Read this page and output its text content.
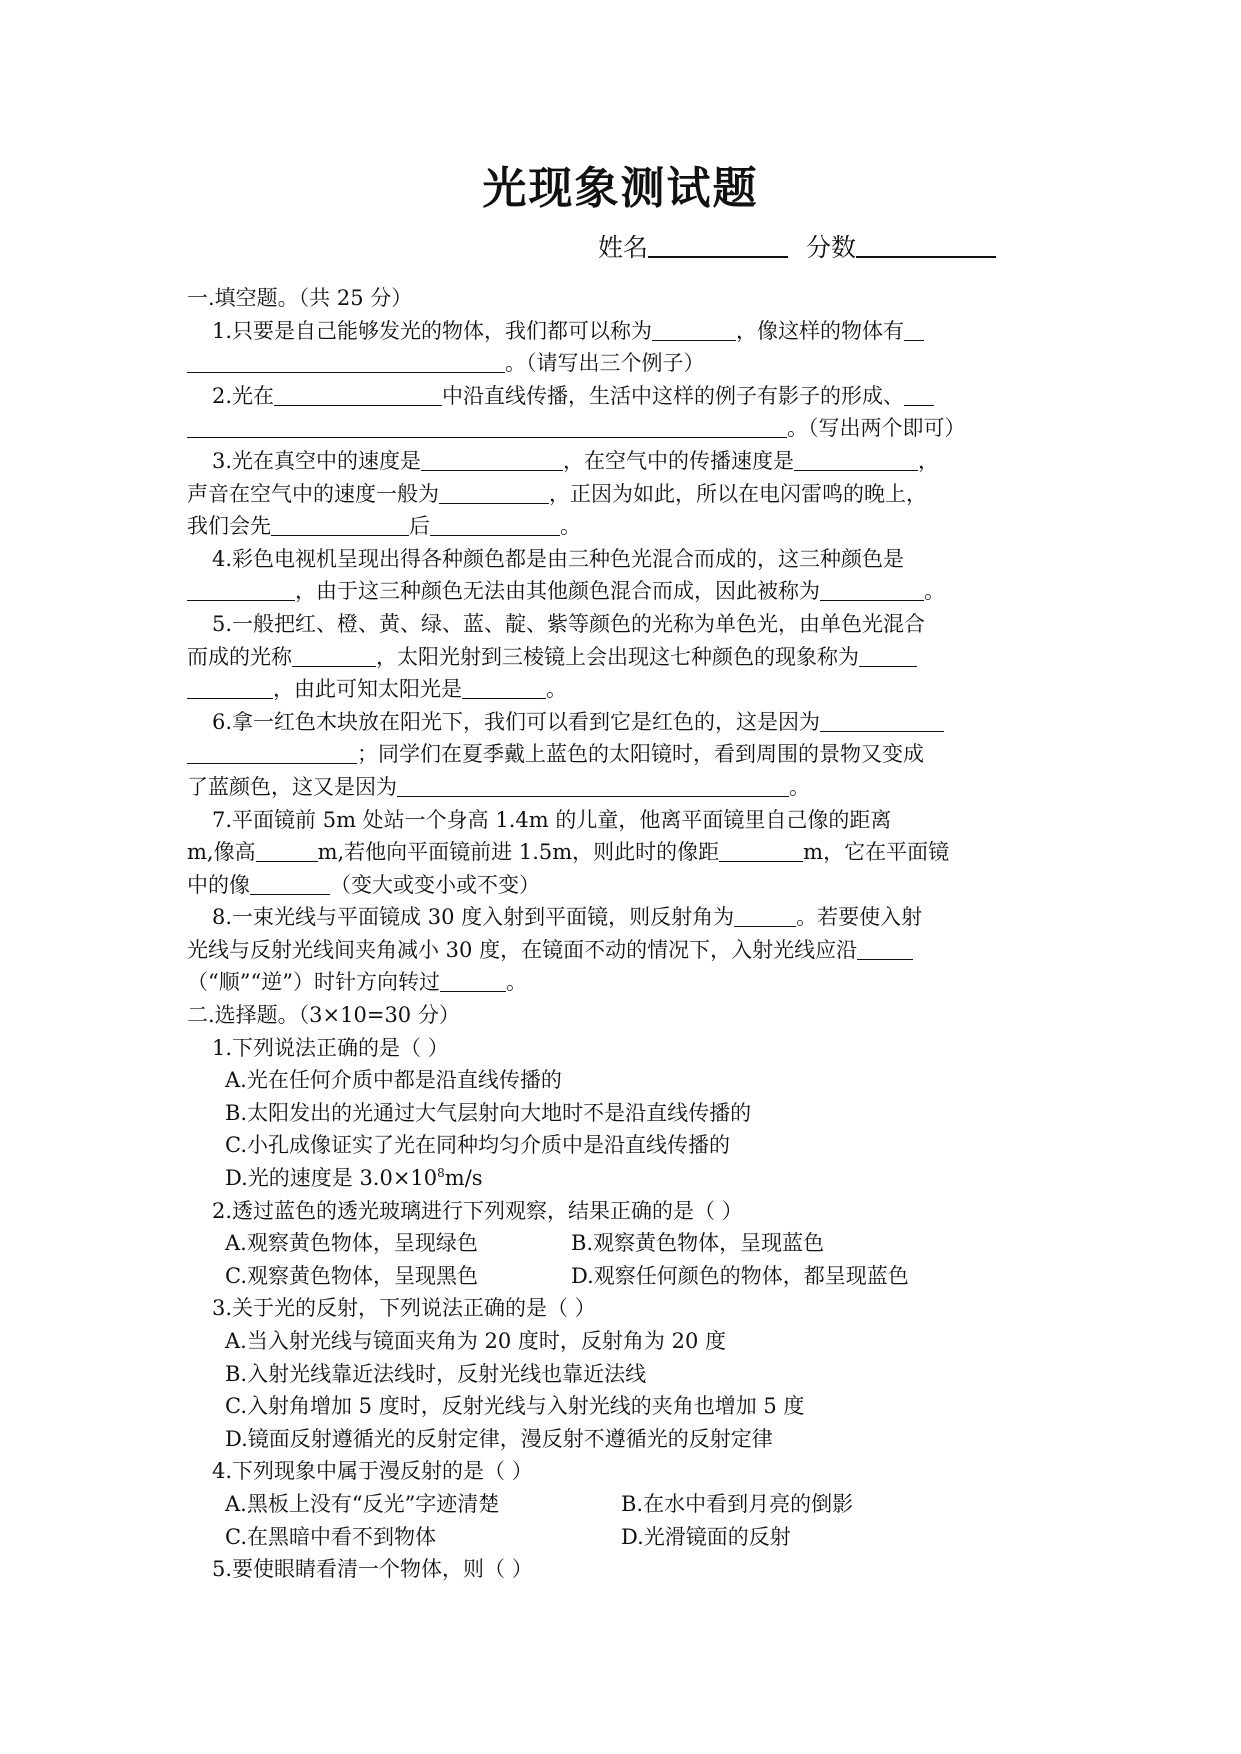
光现象测试题
姓名	分数
一.填空题。（共 25 分）
1.只要是自己能够发光的物体，我们都可以称为	，像这样的物体有
。（请写出三个例子）
2.光在	中沿直线传播，生活中这样的例子有影子的形成、
。（写出两个即可）
3.光在真空中的速度是	，在空气中的传播速度是	，
声音在空气中的速度一般为	，正因为如此，所以在电闪雷鸣的晚上，
我们会先	后	。
4.彩色电视机呈现出得各种颜色都是由三种色光混合而成的，这三种颜色是
，由于这三种颜色无法由其他颜色混合而成，因此被称为	。
5.一般把红、橙、黄、绿、蓝、靛、紫等颜色的光称为单色光，由单色光混合
而成的光称	，太阳光射到三棱镜上会出现这七种颜色的现象称为
，由此可知太阳光是	。
6.拿一红色木块放在阳光下，我们可以看到它是红色的，这是因为
；同学们在夏季戴上蓝色的太阳镜时，看到周围的景物又变成
了蓝颜色，这又是因为	。
7.平面镜前 5m 处站一个身高 1.4m 的儿童，他离平面镜里自己像的距离
m,像高	m,若他向平面镜前进 1.5m，则此时的像距	m，它在平面镜
中的像	（变大或变小或不变）
8.一束光线与平面镜成 30 度入射到平面镜，则反射角为	。若要使入射
光线与反射光线间夹角减小 30 度，在镜面不动的情况下，入射光线应沿
（“顺”“逆”）时针方向转过	。
二.选择题。（3×10=30 分）
1.下列说法正确的是（ ）
A.光在任何介质中都是沿直线传播的
B.太阳发出的光通过大气层射向大地时不是沿直线传播的
C.小孔成像证实了光在同种均匀介质中是沿直线传播的
D.光的速度是 $3.0\times 10^8m/s$
2.透过蓝色的透光玻璃进行下列观察，结果正确的是（ ）
A.观察黄色物体，呈现绿色	B.观察黄色物体，呈现蓝色
C.观察黄色物体，呈现黑色	D.观察任何颜色的物体，都呈现蓝色
3.关于光的反射，下列说法正确的是（ ）
A.当入射光线与镜面夹角为 20 度时，反射角为 20 度
B.入射光线靠近法线时，反射光线也靠近法线
C.入射角增加 5 度时，反射光线与入射光线的夹角也增加 5 度
D.镜面反射遵循光的反射定律，漫反射不遵循光的反射定律
4.下列现象中属于漫反射的是（ ）
A.黑板上没有“反光”字迹清楚	B.在水中看到月亮的倒影
C.在黑暗中看不到物体	D.光滑镜面的反射
5.要使眼睛看清一个物体，则（ ）
